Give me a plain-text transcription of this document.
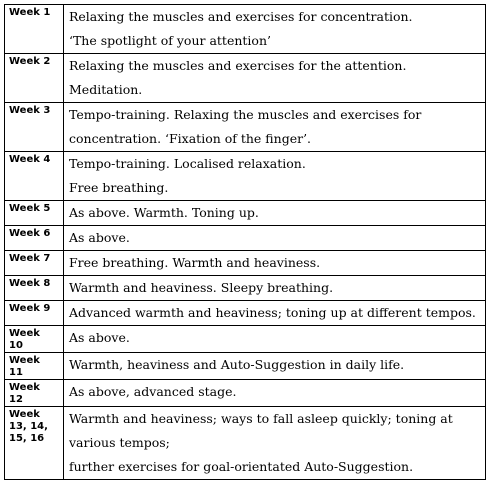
Week 1	Relaxing the muscles and exercises for concentration.
‘The spotlight of your attention’

Week 2	Relaxing the muscles and exercises for the attention.
Meditation.

Week 3	Tempo-training. Relaxing the muscles and exercises for
concentration. ‘Fixation of the finger’.

Week 4	Tempo-training. Localised relaxation.
Free breathing.

Week 5	As above. Warmth. Toning up.

Week 6	As above.

Week 7	Free breathing. Warmth and heaviness.

Week 8	Warmth and heaviness. Sleepy breathing.

Week 9	Advanced warmth and heaviness; toning up at different tempos.

Week
10	As above.

Week
11	Warmth, heaviness and Auto-Suggestion in daily life.

Week
12	As above, advanced stage.

Week
13, 14,
15, 16	Warmth and heaviness; ways to fall asleep quickly; toning at
various tempos;
further exercises for goal-orientated Auto-Suggestion.
